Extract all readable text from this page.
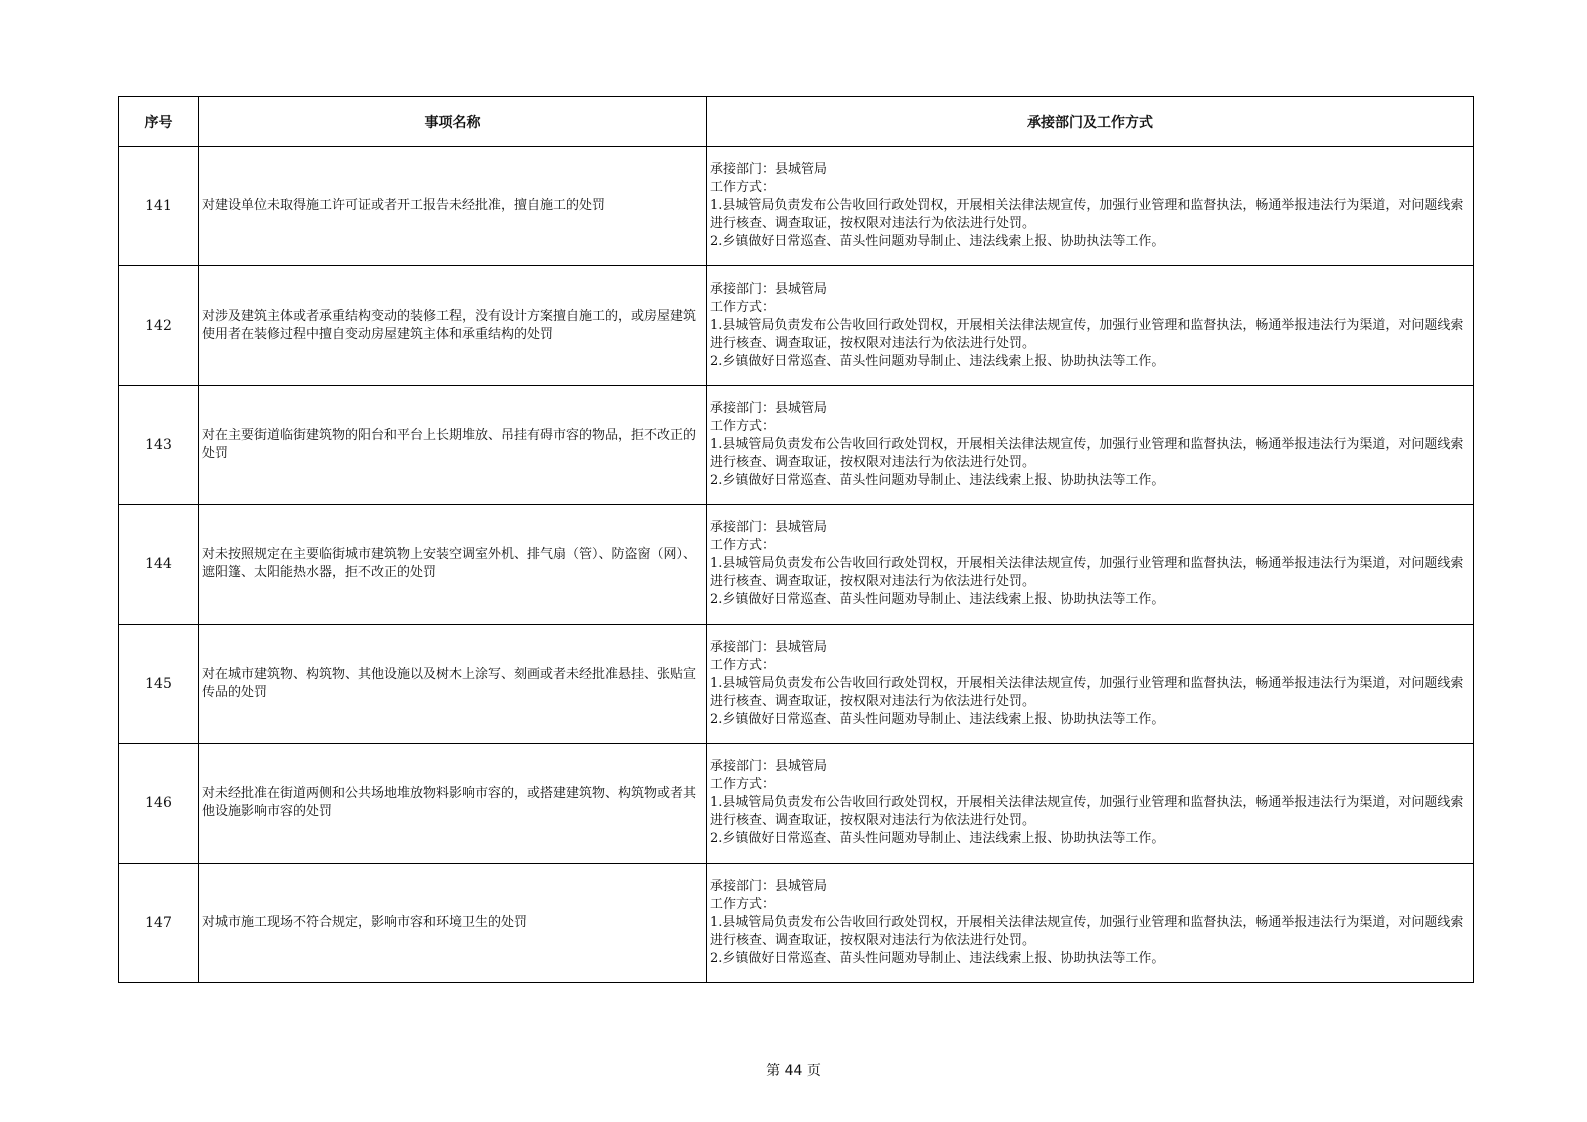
序号	事项名称	承接部门及工作方式
141	对建设单位未取得施工许可证或者开工报告未经批准，擅自施工的处罚	承接部门：县城管局
工作方式：
1.县城管局负责发布公告收回行政处罚权，开展相关法律法规宣传，加强行业管理和监督执法，畅通举报违法行为渠道，对问题线索进行核查、调查取证，按权限对违法行为依法进行处罚。
2.乡镇做好日常巡查、苗头性问题劝导制止、违法线索上报、协助执法等工作。

142	对涉及建筑主体或者承重结构变动的装修工程，没有设计方案擅自施工的，或房屋建筑使用者在装修过程中擅自变动房屋建筑主体和承重结构的处罚	承接部门：县城管局
工作方式：
1.县城管局负责发布公告收回行政处罚权，开展相关法律法规宣传，加强行业管理和监督执法，畅通举报违法行为渠道，对问题线索进行核查、调查取证，按权限对违法行为依法进行处罚。
2.乡镇做好日常巡查、苗头性问题劝导制止、违法线索上报、协助执法等工作。

143	对在主要街道临街建筑物的阳台和平台上长期堆放、吊挂有碍市容的物品，拒不改正的处罚	承接部门：县城管局
工作方式：
1.县城管局负责发布公告收回行政处罚权，开展相关法律法规宣传，加强行业管理和监督执法，畅通举报违法行为渠道，对问题线索进行核查、调查取证，按权限对违法行为依法进行处罚。
2.乡镇做好日常巡查、苗头性问题劝导制止、违法线索上报、协助执法等工作。

144	对未按照规定在主要临街城市建筑物上安装空调室外机、排气扇（管）、防盗窗（网）、遮阳篷、太阳能热水器，拒不改正的处罚	承接部门：县城管局
工作方式：
1.县城管局负责发布公告收回行政处罚权，开展相关法律法规宣传，加强行业管理和监督执法，畅通举报违法行为渠道，对问题线索进行核查、调查取证，按权限对违法行为依法进行处罚。
2.乡镇做好日常巡查、苗头性问题劝导制止、违法线索上报、协助执法等工作。

145	对在城市建筑物、构筑物、其他设施以及树木上涂写、刻画或者未经批准悬挂、张贴宣传品的处罚	承接部门：县城管局
工作方式：
1.县城管局负责发布公告收回行政处罚权，开展相关法律法规宣传，加强行业管理和监督执法，畅通举报违法行为渠道，对问题线索进行核查、调查取证，按权限对违法行为依法进行处罚。
2.乡镇做好日常巡查、苗头性问题劝导制止、违法线索上报、协助执法等工作。

146	对未经批准在街道两侧和公共场地堆放物料影响市容的，或搭建建筑物、构筑物或者其他设施影响市容的处罚	承接部门：县城管局
工作方式：
1.县城管局负责发布公告收回行政处罚权，开展相关法律法规宣传，加强行业管理和监督执法，畅通举报违法行为渠道，对问题线索进行核查、调查取证，按权限对违法行为依法进行处罚。
2.乡镇做好日常巡查、苗头性问题劝导制止、违法线索上报、协助执法等工作。

147	对城市施工现场不符合规定，影响市容和环境卫生的处罚	承接部门：县城管局
工作方式：
1.县城管局负责发布公告收回行政处罚权，开展相关法律法规宣传，加强行业管理和监督执法，畅通举报违法行为渠道，对问题线索进行核查、调查取证，按权限对违法行为依法进行处罚。
2.乡镇做好日常巡查、苗头性问题劝导制止、违法线索上报、协助执法等工作。
第 44 页
